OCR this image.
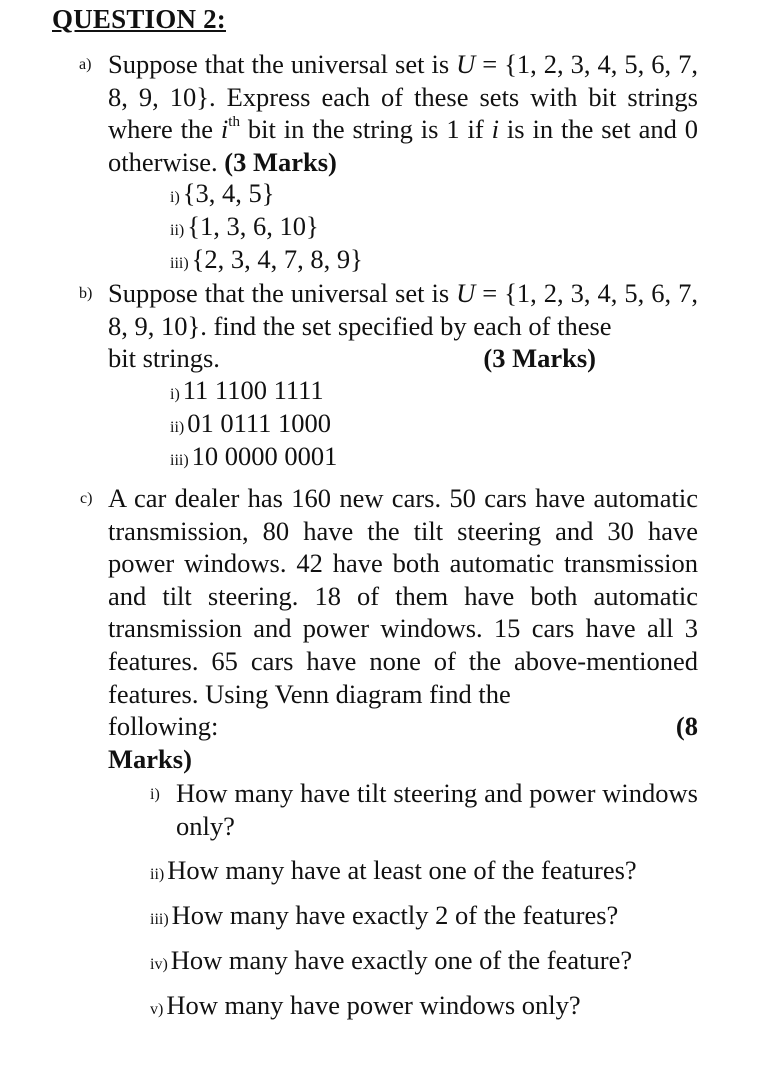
QUESTION 2:
a) Suppose that the universal set is U = {1, 2, 3, 4, 5, 6, 7, 8, 9, 10}. Express each of these sets with bit strings where the $i^{th}$ bit in the string is 1 if i is in the set and 0 otherwise. (3 Marks)
i) {3, 4, 5}
ii) {1, 3, 6, 10}
iii) {2, 3, 4, 7, 8, 9}
b) Suppose that the universal set is U = {1, 2, 3, 4, 5, 6, 7, 8, 9, 10}. find the set specified by each of these
bit strings.	(3 Marks)
i) 11 1100 1111
ii) 01 0111 1000
iii) 10 0000 0001
c) A car dealer has 160 new cars. 50 cars have automatic transmission, 80 have the tilt steering and 30 have power windows. 42 have both automatic transmission and tilt steering. 18 of them have both automatic transmission and power windows. 15 cars have all 3 features. 65 cars have none of the above-mentioned features. Using Venn diagram find the
following:	(8
Marks)
i) How many have tilt steering and power windows only?
ii) How many have at least one of the features?
iii) How many have exactly 2 of the features?
iv) How many have exactly one of the feature?
v) How many have power windows only?
